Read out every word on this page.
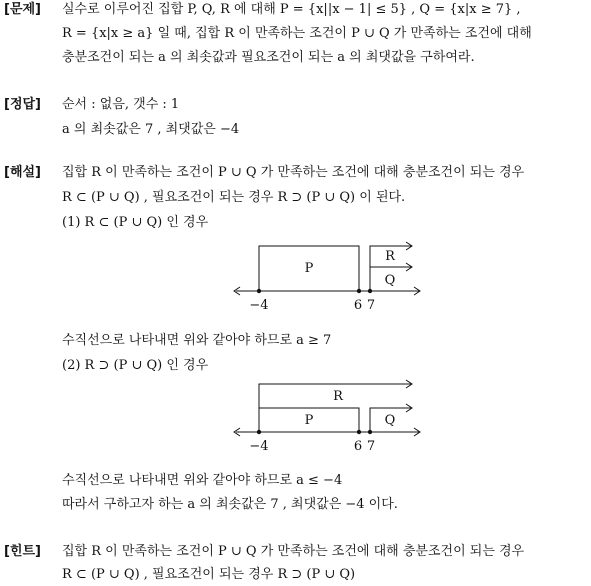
[문제] 실수로 이루어진 집합 P, Q, R 에 대해 P = {x||x − 1| ≤ 5} , Q = {x|x ≥ 7} ,
R = {x|x ≥ a} 일 때, 집합 R 이 만족하는 조건이 P ∪ Q 가 만족하는 조건에 대해
충분조건이 되는 a 의 최솟값과 필요조건이 되는 a 의 최댓값을 구하여라.
[정답] 순서 : 없음, 갯수 : 1
a 의 최솟값은 7 , 최댓값은 −4
[해설] 집합 R 이 만족하는 조건이 P ∪ Q 가 만족하는 조건에 대해 충분조건이 되는 경우
R ⊂ (P ∪ Q) , 필요조건이 되는 경우 R ⊃ (P ∪ Q) 이 된다.
(1) R ⊂ (P ∪ Q) 인 경우
P
R
Q
−4	6 7
수직선으로 나타내면 위와 같아야 하므로 a ≥ 7
(2) R ⊃ (P ∪ Q) 인 경우
R
P	Q
−4	6 7
수직선으로 나타내면 위와 같아야 하므로 a ≤ −4
따라서 구하고자 하는 a 의 최솟값은 7 , 최댓값은 −4 이다.
[힌트] 집합 R 이 만족하는 조건이 P ∪ Q 가 만족하는 조건에 대해 충분조건이 되는 경우
R ⊂ (P ∪ Q) , 필요조건이 되는 경우 R ⊃ (P ∪ Q)
